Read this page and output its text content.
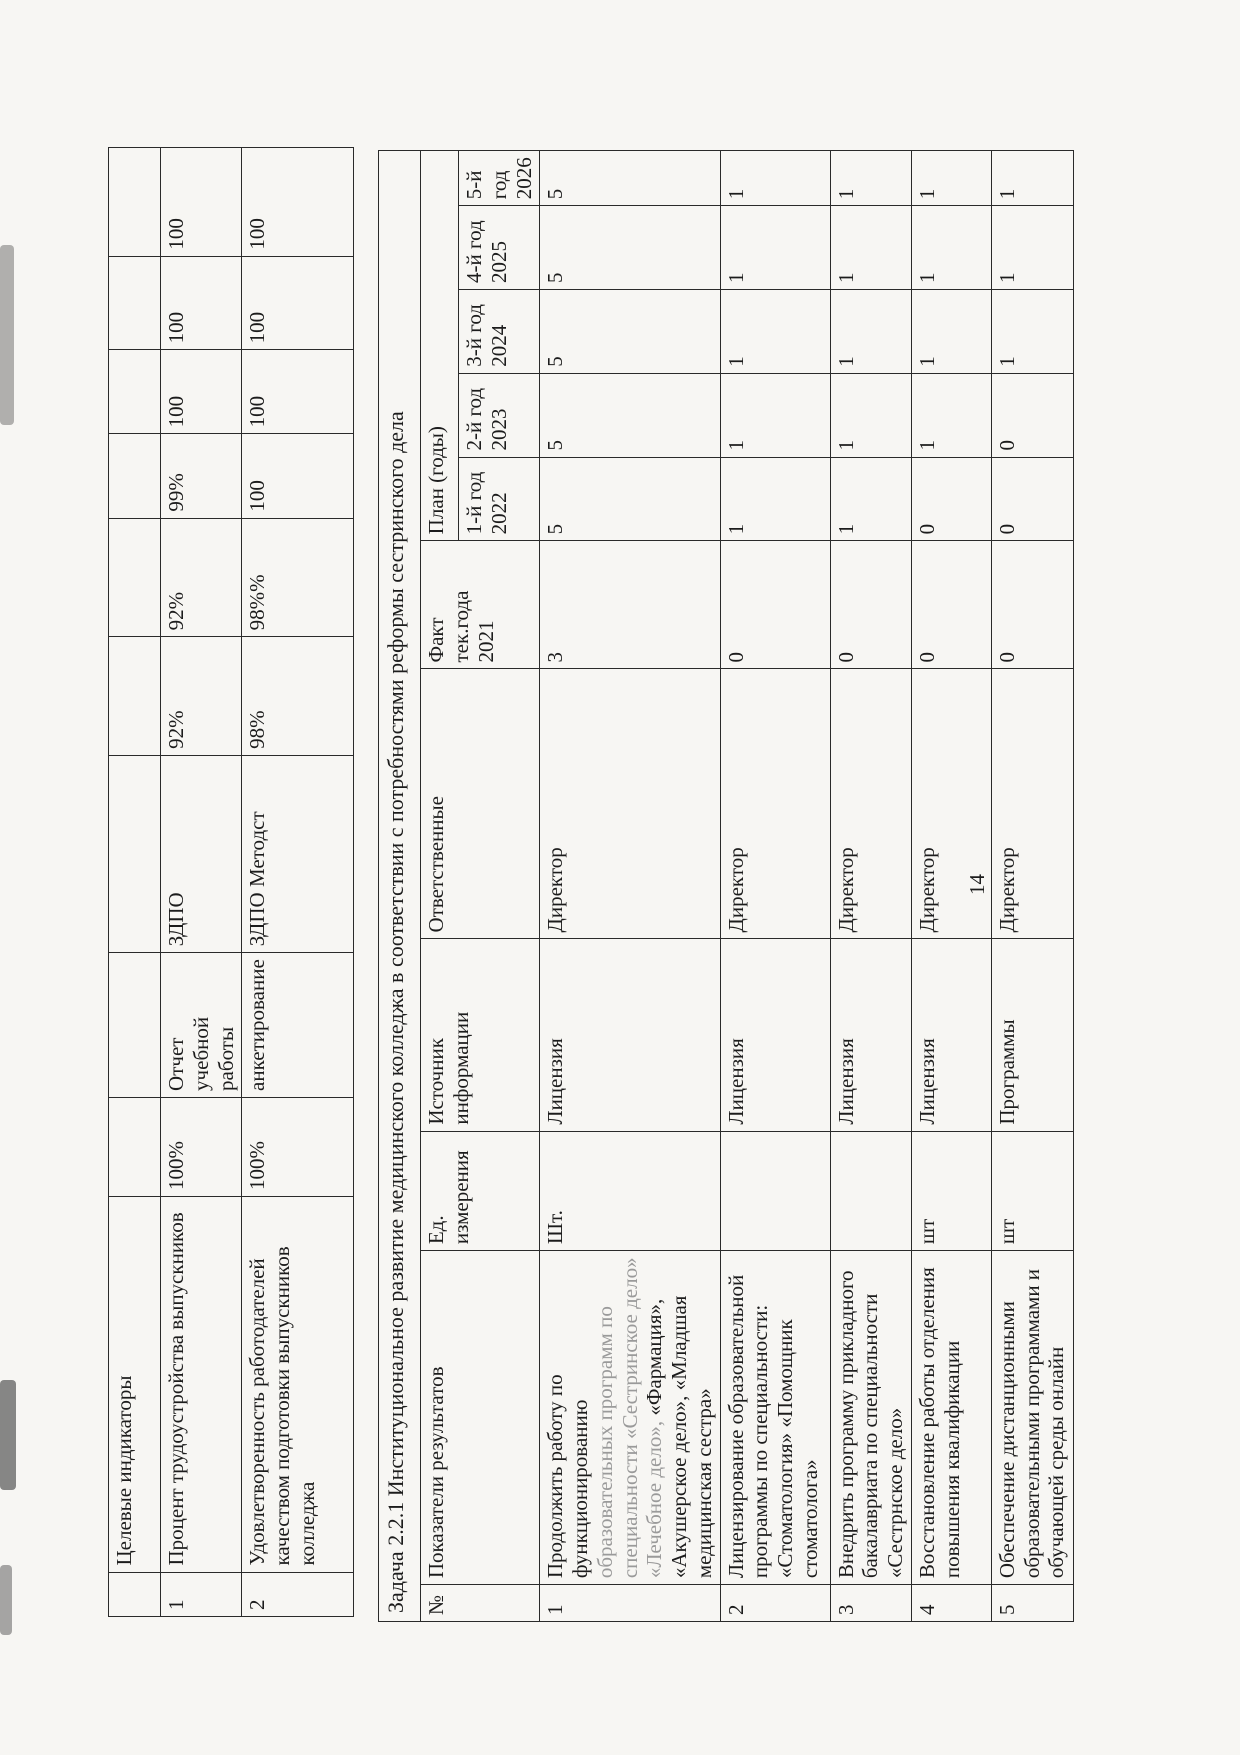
	Целевые индикаторы									
1	Процент трудоустройства выпускников	100%	Отчет учебной работы	ЗДПО	92%	92%	99%	100	100	100
2	Удовлетворенность работодателей качеством подготовки выпускников колледжа	100%	анкетирование	ЗДПО Методст	98%	98%%	100	100	100	100
Задача 2.2.1 Институциональное развитие медицинского колледжа в соответствии с потребностями реформы сестринского дела										
№	Показатели результатов	Ед. измерения	Источник информации	Ответственные	Факт тек.года 2021	План (годы)				
						1-й год 2022	2-й год 2023	3-й год 2024	4-й год 2025	5-й год 2026
1	Продолжить работу по функционированию образовательных программ по специальности «Сестринское дело» «Лечебное дело», «Фармация», «Акушерское дело», «Младшая медицинская сестра»	Шт.	Лицензия	Директор	3	5	5	5	5	5
2	Лицензирование образовательной программы по специальности: «Стоматология» «Помощник стоматолога»		Лицензия	Директор	0	1	1	1	1	1
3	Внедрить программу прикладного бакалавриата по специальности «Сестрнское дело»		Лицензия	Директор	0	1	1	1	1	1
4	Восстановление работы отделения повышения квалификации	шт	Лицензия	Директор	0	0	1	1	1	1
5	Обеспечение дистанционными образовательными программами и обучающей среды онлайн	шт	Программы	Директор	0	0	0	1	1	1
14
